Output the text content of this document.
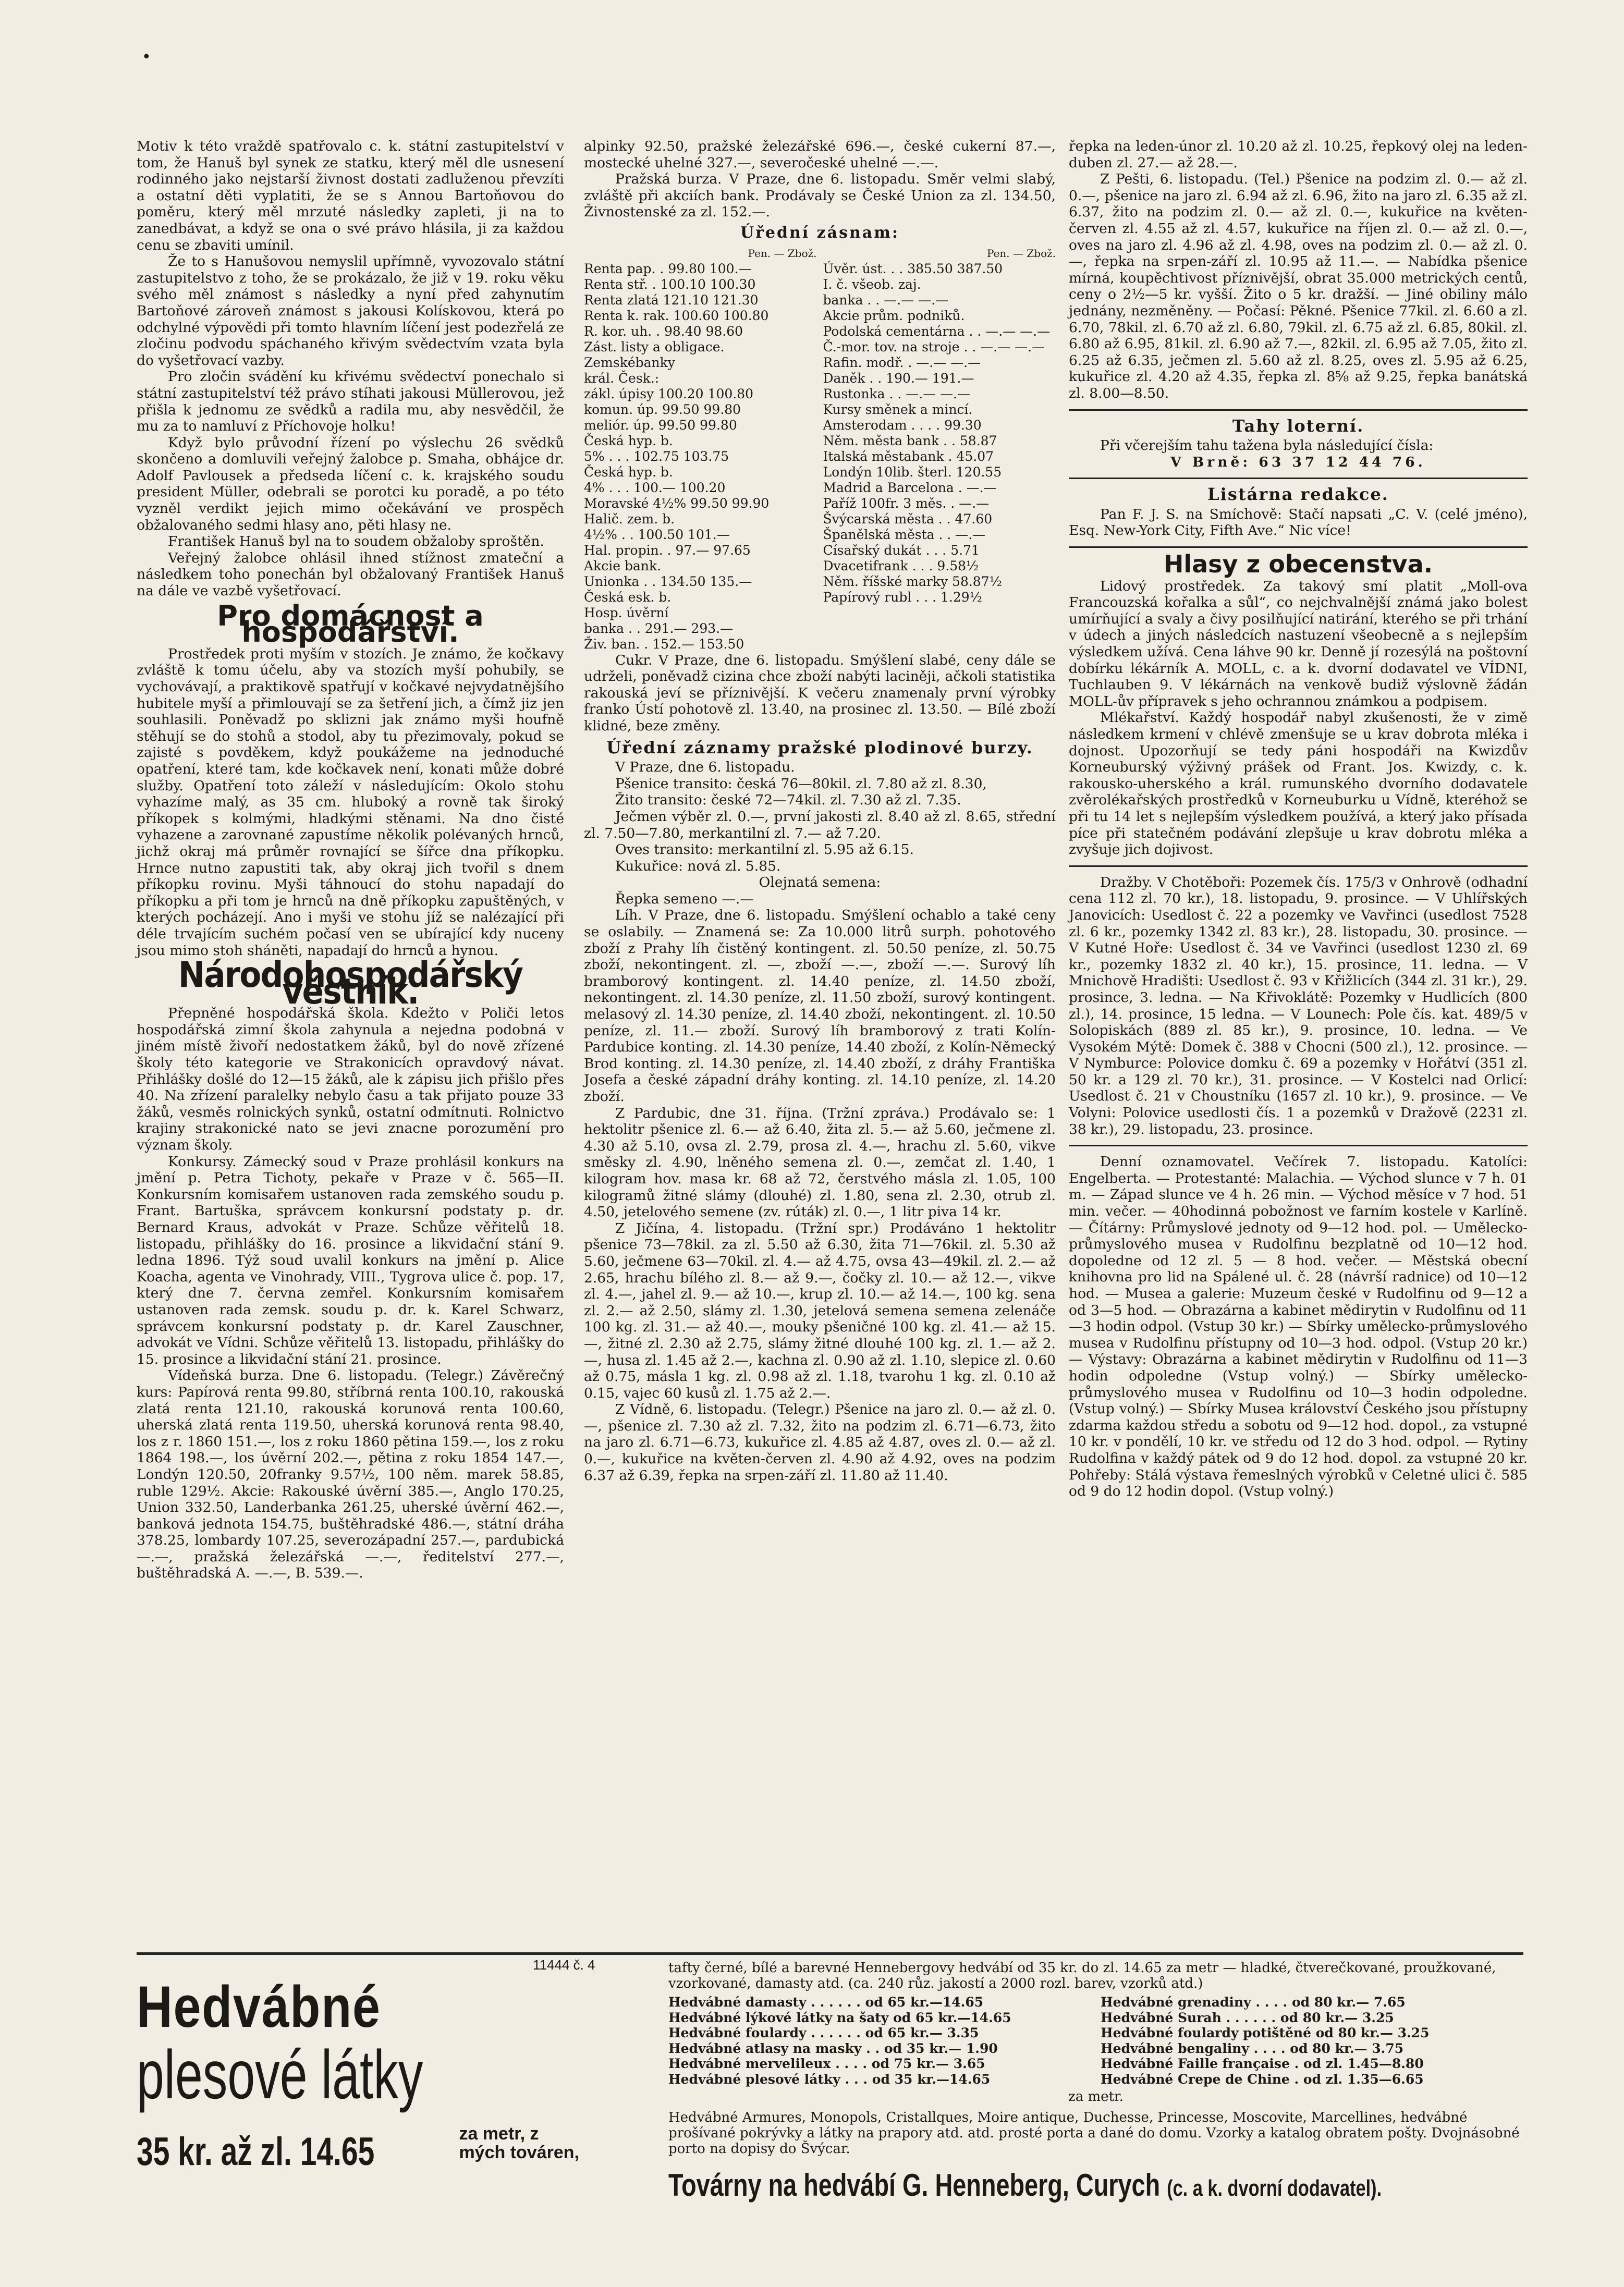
Motiv k této vraždě spatřovalo c. k. státní zastupitelství v tom, že Hanuš byl synek ze statku, který měl dle usnesení rodinného jako nejstarší živnost dostati zadluženou převzíti a ostatní děti vyplatiti, že se s Annou Bartoňovou do poměru, který měl mrzuté následky zapleti, ji na to zanedbávat, a když se ona o své právo hlásila, ji za každou cenu se zbaviti umínil.

Že to s Hanušovou nemyslil upřímně, vyvozovalo státní zastupitelstvo z toho, že se prokázalo, že již v 19. roku věku svého měl známost s následky a nyní před zahynutím Bartoňové zároveň známost s jakousi Kolískovou, která po odchylné výpovědi při tomto hlavním líčení jest podezřelá ze zločinu podvodu spáchaného křivým svědectvím vzata byla do vyšetřovací vazby.

Pro zločin svádění ku křivému svědectví ponechalo si státní zastupitelství též právo stíhati jakousi Müllerovou, jež přišla k jednomu ze svědků a radila mu, aby nesvědčil, že mu za to namluví z Příchovoje holku!

Když bylo průvodní řízení po výslechu 26 svědků skončeno a domluvili veřejný žalobce p. Smaha, obhájce dr. Adolf Pavlousek a předseda líčení c. k. krajského soudu president Müller, odebrali se porotci ku poradě, a po této vyzněl verdikt jejich mimo očekávání ve prospěch obžalovaného sedmi hlasy ano, pěti hlasy ne.

František Hanuš byl na to soudem obžaloby sproštěn.

Veřejný žalobce ohlásil ihned stížnost zmateční a následkem toho ponechán byl obžalovaný František Hanuš na dále ve vazbě vyšetřovací.

Pro domácnost a hospodářství.

Prostředek proti myším v stozích. Je známo, že kočkavy zvláště k tomu účelu, aby va stozích myší pohubily, se vychovávají, a praktikově spatřují v kočkavé nejvydatnějšího hubitele myší a přimlouvají se za šetření jich, a čímž jiz jen souhlasili. Poněvadž po sklizni jak známo myši houfně stěhují se do stohů a stodol, aby tu přezimovaly, pokud se zajisté s povděkem, když poukážeme na jednoduché opatření, které tam, kde kočkavek není, konati může dobré služby. Opatření toto záleží v následujícím: Okolo stohu vyhazíme malý, as 35 cm. hluboký a rovně tak široký příkopek s kolmými, hladkými stěnami. Na dno čisté vyhazene a zarovnané zapustíme několik polévaných hrnců, jichž okraj má průměr rovnající se šířce dna příkopku. Hrnce nutno zapustiti tak, aby okraj jich tvořil s dnem příkopku rovinu. Myši táhnoucí do stohu napadají do příkopku a při tom je hrnců na dně příkopku zapuštěných, v kterých pocházejí. Ano i myši ve stohu jíž se nalézající při déle trvajícím suchém počasí ven se ubírající kdy nuceny jsou mimo stoh sháněti, napadají do hrnců a hynou.

Národohospodářský věstník.

Přepněné hospodářská škola. Kdežto v Poliči letos hospodářská zimní škola zahynula a nejedna podobná v jiném místě živoří nedostatkem žáků, byl do nově zřízené školy této kategorie ve Strakonicích opravdový návat. Přihlášky došlé do 12—15 žáků, ale k zápisu jich přišlo přes 40. Na zřízení paralelky nebylo času a tak přijato pouze 33 žáků, vesměs rolnických synků, ostatní odmítnuti. Rolnictvo krajiny strakonické nato se jevi znacne porozumění pro význam školy.

Konkursy. Zámecký soud v Praze prohlásil konkurs na jmění p. Petra Tichoty, pekaře v Praze v č. 565—II. Konkursním komisařem ustanoven rada zemského soudu p. Frant. Bartuška, správcem konkursní podstaty p. dr. Bernard Kraus, advokát v Praze. Schůze věřitelů 18. listopadu, přihlášky do 16. prosince a likvidační stání 9. ledna 1896. Týž soud uvalil konkurs na jmění p. Alice Koacha, agenta ve Vinohrady, VIII., Tygrova ulice č. pop. 17, který dne 7. června zemřel. Konkursním komisařem ustanoven rada zemsk. soudu p. dr. k. Karel Schwarz, správcem konkursní podstaty p. dr. Karel Zauschner, advokát ve Vídni. Schůze věřitelů 13. listopadu, přihlášky do 15. prosince a likvidační stání 21. prosince.

Vídeňská burza. Dne 6. listopadu. (Telegr.) Závěrečný kurs: Papírová renta 99.80, stříbrná renta 100.10, rakouská zlatá renta 121.10, rakouská korunová renta 100.60, uherská zlatá renta 119.50, uherská korunová renta 98.40, los z r. 1860 151.—, los z roku 1860 pětina 159.—, los z roku 1864 198.—, los úvěrní 202.—, pětina z roku 1854 147.—, Londýn 120.50, 20franky 9.57½, 100 něm. marek 58.85, ruble 129½. Akcie: Rakouské úvěrní 385.—, Anglo 170.25, Union 332.50, Landerbanka 261.25, uherské úvěrní 462.—, banková jednota 154.75, buštěhradské 486.—, státní dráha 378.25, lombardy 107.25, severozápadní 257.—, pardubická —.—, pražská železářská —.—, ředitelství 277.—, buštěhradská A. —.—, B. 539.—.

alpinky 92.50, pražské železářské 696.—, české cukerní 87.—, mostecké uhelné 327.—, severočeské uhelné —.—.

Pražská burza. V Praze, dne 6. listopadu. Směr velmi slabý, zvláště při akciích bank. Prodávaly se České Union za zl. 134.50, Živnostenské za zl. 152.—.

Úřední zásnam:
Pen. — Zbož.
Renta pap. . 99.80 100.—
Renta stř. . 100.10 100.30
Renta zlatá 121.10 121.30
Renta k. rak. 100.60 100.80
R. kor. uh. . 98.40 98.60
Zást. listy a obligace.
Zemskébanky
král. Česk.:
zákl. úpisy 100.20 100.80
komun. úp. 99.50 99.80
meliór. úp. 99.50 99.80
Česká hyp. b.
5% . . . 102.75 103.75
Česká hyp. b.
4% . . . 100.— 100.20
Moravské 4½% 99.50 99.90
Halič. zem. b.
4½% . . 100.50 101.—
Hal. propin. . 97.— 97.65
Akcie bank.
Unionka . . 134.50 135.—
Česká esk. b.
Hosp. úvěrní
banka . . 291.— 293.—
Živ. ban. . 152.— 153.50
Pen. — Zbož.
Úvěr. úst. . . 385.50 387.50
I. č. všeob. zaj.
banka . . —.— —.—
Akcie prům. podniků.
Podolská cementárna . . —.— —.—
Č.-mor. tov. na stroje . . —.— —.—
Rafin. modř. . —.— —.—
Daněk . . 190.— 191.—
Rustonka . . —.— —.—
Kursy směnek a mincí.
Amsterodam . . . . 99.30
Něm. města bank . . 58.87
Italská městabank . 45.07
Londýn 10lib. šterl. 120.55
Madrid a Barcelona . —.—
Paříž 100fr. 3 měs. . —.—
Švýcarská města . . 47.60
Španělská města . . —.—
Císařský dukát . . . 5.71
Dvacetifrank . . . 9.58½
Něm. říšské marky 58.87½
Papírový rubl . . . 1.29½

Cukr. V Praze, dne 6. listopadu. Smýšlení slabé, ceny dále se udrželi, poněvadž cizina chce zboží nabýti laciněji, ačkoli statistika rakouská jeví se příznivější. K večeru znamenaly první výrobky franko Ústí pohotově zl. 13.40, na prosinec zl. 13.50. — Bílé zboží klidné, beze změny.

Úřední záznamy pražské plodinové burzy.

V Praze, dne 6. listopadu.

Pšenice transito: česká 76—80kil. zl. 7.80 až zl. 8.30,

Žito transito: české 72—74kil. zl. 7.30 až zl. 7.35.

Ječmen výběr zl. 0.—, první jakosti zl. 8.40 až zl. 8.65, střední zl. 7.50—7.80, merkantilní zl. 7.— až 7.20.

Oves transito: merkantilní zl. 5.95 až 6.15.

Kukuřice: nová zl. 5.85.

Olejnatá semena:

Řepka semeno —.—

Líh. V Praze, dne 6. listopadu. Smýšlení ochablo a také ceny se oslabily. — Znamená se: Za 10.000 litrů surph. pohotového zboží z Prahy líh čistěný kontingent. zl. 50.50 peníze, zl. 50.75 zboží, nekontingent. zl. —, zboží —.—, zboží —.—. Surový líh bramborový kontingent. zl. 14.40 peníze, zl. 14.50 zboží, nekontingent. zl. 14.30 peníze, zl. 11.50 zboží, surový kontingent. melasový zl. 14.30 peníze, zl. 14.40 zboží, nekontingent. zl. 10.50 peníze, zl. 11.— zboží. Surový líh bramborový z trati Kolín-Pardubice konting. zl. 14.30 peníze, 14.40 zboží, z Kolín-Německý Brod konting. zl. 14.30 peníze, zl. 14.40 zboží, z dráhy Františka Josefa a české západní dráhy konting. zl. 14.10 peníze, zl. 14.20 zboží.

Z Pardubic, dne 31. října. (Tržní zpráva.) Prodávalo se: 1 hektolitr pšenice zl. 6.— až 6.40, žita zl. 5.— až 5.60, ječmene zl. 4.30 až 5.10, ovsa zl. 2.79, prosa zl. 4.—, hrachu zl. 5.60, vikve směsky zl. 4.90, lněného semena zl. 0.—, zemčat zl. 1.40, 1 kilogram hov. masa kr. 68 až 72, čerstvého másla zl. 1.05, 100 kilogramů žitné slámy (dlouhé) zl. 1.80, sena zl. 2.30, otrub zl. 4.50, jetelového semene (zv. rúták) zl. 0.—, 1 litr piva 14 kr.

Z Jičína, 4. listopadu. (Tržní spr.) Prodáváno 1 hektolitr pšenice 73—78kil. za zl. 5.50 až 6.30, žita 71—76kil. zl. 5.30 až 5.60, ječmene 63—70kil. zl. 4.— až 4.75, ovsa 43—49kil. zl. 2.— až 2.65, hrachu bílého zl. 8.— až 9.—, čočky zl. 10.— až 12.—, vikve zl. 4.—, jahel zl. 9.— až 10.—, krup zl. 10.— až 14.—, 100 kg. sena zl. 2.— až 2.50, slámy zl. 1.30, jetelová semena semena zelenáče 100 kg. zl. 31.— až 40.—, mouky pšeničné 100 kg. zl. 41.— až 15.—, žitné zl. 2.30 až 2.75, slámy žitné dlouhé 100 kg. zl. 1.— až 2.—, husa zl. 1.45 až 2.—, kachna zl. 0.90 až zl. 1.10, slepice zl. 0.60 až 0.75, másla 1 kg. zl. 0.98 až zl. 1.18, tvarohu 1 kg. zl. 0.10 až 0.15, vajec 60 kusů zl. 1.75 až 2.—.

Z Vídně, 6. listopadu. (Telegr.) Pšenice na jaro zl. 0.— až zl. 0.—, pšenice zl. 7.30 až zl. 7.32, žito na podzim zl. 6.71—6.73, žito na jaro zl. 6.71—6.73, kukuřice zl. 4.85 až 4.87, oves zl. 0.— až zl. 0.—, kukuřice na květen-červen zl. 4.90 až 4.92, oves na podzim 6.37 až 6.39, řepka na srpen-září zl. 11.80 až 11.40.

řepka na leden-únor zl. 10.20 až zl. 10.25, řepkový olej na leden-duben zl. 27.— až 28.—.

Z Pešti, 6. listopadu. (Tel.) Pšenice na podzim zl. 0.— až zl. 0.—, pšenice na jaro zl. 6.94 až zl. 6.96, žito na jaro zl. 6.35 až zl. 6.37, žito na podzim zl. 0.— až zl. 0.—, kukuřice na květen-červen zl. 4.55 až zl. 4.57, kukuřice na říjen zl. 0.— až zl. 0.—, oves na jaro zl. 4.96 až zl. 4.98, oves na podzim zl. 0.— až zl. 0.—, řepka na srpen-září zl. 10.95 až 11.—. — Nabídka pšenice mírná, koupěchtivost příznivější, obrat 35.000 metrických centů, ceny o 2½—5 kr. vyšší. Žito o 5 kr. dražší. — Jiné obiliny málo jednány, nezměněny. — Počasí: Pěkné. Pšenice 77kil. zl. 6.60 a zl. 6.70, 78kil. zl. 6.70 až zl. 6.80, 79kil. zl. 6.75 až zl. 6.85, 80kil. zl. 6.80 až 6.95, 81kil. zl. 6.90 až 7.—, 82kil. zl. 6.95 až 7.05, žito zl. 6.25 až 6.35, ječmen zl. 5.60 až zl. 8.25, oves zl. 5.95 až 6.25, kukuřice zl. 4.20 až 4.35, řepka zl. 8⅝ až 9.25, řepka banátská zl. 8.00—8.50.

Tahy loterní.

Při včerejším tahu tažena byla následující čísla:

V Brně: 63 37 12 44 76.

Listárna redakce.

Pan F. J. S. na Smíchově: Stačí napsati „C. V. (celé jméno), Esq. New-York City, Fifth Ave.“ Nic více!

Hlasy z obecenstva.

Lidový prostředek. Za takový smí platit „Moll-ova Francouzská kořalka a sůl“, co nejchvalnější známá jako bolest umírňující a svaly a čivy posilňující natirání, kterého se při trhání v údech a jiných následcích nastuzení všeobecně a s nejlepším výsledkem užívá. Cena láhve 90 kr. Denně jí rozesýlá na poštovní dobírku lékárník A. MOLL, c. a k. dvorní dodavatel ve VÍDNI, Tuchlauben 9. V lékárnách na venkově budiž výslovně žádán MOLL-ův přípravek s jeho ochrannou známkou a podpisem.

Mlékařství. Každý hospodář nabyl zkušenosti, že v zimě následkem krmení v chlévě zmenšuje se u krav dobrota mléka i dojnost. Upozorňují se tedy páni hospodáři na Kwizdův Korneuburský výživný prášek od Frant. Jos. Kwizdy, c. k. rakousko-uherského a král. rumunského dvorního dodavatele zvěrolékařských prostředků v Korneuburku u Vídně, kteréhož se při tu 14 let s nejlepším výsledkem používá, a který jako přísada píce při statečném podávání zlepšuje u krav dobrotu mléka a zvyšuje jich dojivost.

Dražby. V Chotěboři: Pozemek čís. 175/3 v Onhrově (odhadní cena 112 zl. 70 kr.), 18. listopadu, 9. prosince. — V Uhlířských Janovicích: Usedlost č. 22 a pozemky ve Vavřinci (usedlost 7528 zl. 6 kr., pozemky 1342 zl. 83 kr.), 28. listopadu, 30. prosince. — V Kutné Hoře: Usedlost č. 34 ve Vavřinci (usedlost 1230 zl. 69 kr., pozemky 1832 zl. 40 kr.), 15. prosince, 11. ledna. — V Mnichově Hradišti: Usedlost č. 93 v Křižlicích (344 zl. 31 kr.), 29. prosince, 3. ledna. — Na Křivoklátě: Pozemky v Hudlicích (800 zl.), 14. prosince, 15 ledna. — V Lounech: Pole čís. kat. 489/5 v Solopiskách (889 zl. 85 kr.), 9. prosince, 10. ledna. — Ve Vysokém Mýtě: Domek č. 388 v Chocni (500 zl.), 12. prosince. — V Nymburce: Polovice domku č. 69 a pozemky v Hořátví (351 zl. 50 kr. a 129 zl. 70 kr.), 31. prosince. — V Kostelci nad Orlicí: Usedlost č. 21 v Choustníku (1657 zl. 10 kr.), 9. prosince. — Ve Volyni: Polovice usedlosti čís. 1 a pozemků v Dražově (2231 zl. 38 kr.), 29. listopadu, 23. prosince.

Denní oznamovatel. Večírek 7. listopadu. Katolíci: Engelberta. — Protestanté: Malachia. — Východ slunce v 7 h. 01 m. — Západ slunce ve 4 h. 26 min. — Východ měsíce v 7 hod. 51 min. večer. — 40hodinná pobožnost ve farním kostele v Karlíně. — Čítárny: Průmyslové jednoty od 9—12 hod. pol. — Umělecko-průmyslového musea v Rudolfinu bezplatně od 10—12 hod. dopoledne od 12 zl. 5 — 8 hod. večer. — Městská obecní knihovna pro lid na Spálené ul. č. 28 (návrší radnice) od 10—12 hod. — Musea a galerie: Muzeum české v Rudolfinu od 9—12 a od 3—5 hod. — Obrazárna a kabinet mědirytin v Rudolfinu od 11—3 hodin odpol. (Vstup 30 kr.) — Sbírky umělecko-průmyslového musea v Rudolfinu přístupny od 10—3 hod. odpol. (Vstup 20 kr.) — Výstavy: Obrazárna a kabinet mědirytin v Rudolfinu od 11—3 hodin odpoledne (Vstup volný.) — Sbírky umělecko-průmyslového musea v Rudolfinu od 10—3 hodin odpoledne. (Vstup volný.) — Sbírky Musea království Českého jsou přístupny zdarma každou středu a sobotu od 9—12 hod. dopol., za vstupné 10 kr. v pondělí, 10 kr. ve středu od 12 do 3 hod. odpol. — Rytiny Rudolfina v každý pátek od 9 do 12 hod. dopol. za vstupné 20 kr. Pohřeby: Stálá výstava řemeslných výrobků v Celetné ulici č. 585 od 9 do 12 hodin dopol. (Vstup volný.)

Hedvábné
plesové látky
35 kr. až zl. 14.65	za metr, z mých továren,
11444 č. 4	tafty černé, bílé a barevné Hennebergovy hedvábí od 35 kr. do zl. 14.65 za metr — hladké, čtverečkované, proužkované, vzorkované, damasty atd. (ca. 240 růz. jakostí a 2000 rozl. barev, vzorků atd.)

Hedvábné damasty . . . . . . od 65 kr.—14.65
Hedvábné lýkové látky na šaty od 65 kr.—14.65
Hedvábné foulardy . . . . . . od 65 kr.— 3.35
Hedvábné atlasy na masky . . od 35 kr.— 1.90
Hedvábné mervelileux . . . . od 75 kr.— 3.65
Hedvábné plesové látky . . . od 35 kr.—14.65
Hedvábné grenadiny . . . . od 80 kr.— 7.65
Hedvábné Surah . . . . . . od 80 kr.— 3.25
Hedvábné foulardy potištěné od 80 kr.— 3.25
Hedvábné bengaliny . . . . od 80 kr.— 3.75
Hedvábné Faille française . od zl. 1.45—8.80
Hedvábné Crepe de Chine . od zl. 1.35—6.65

za metr.

Hedvábné Armures, Monopols, Cristallques, Moire antique, Duchesse, Princesse, Moscovite, Marcellines, hedvábné prošívané pokrývky a látky na prapory atd. atd. prosté porta a dané do domu. Vzorky a katalog obratem pošty. Dvojnásobné porto na dopisy do Švýcar.

Továrny na hedvábí G. Henneberg, Curych (c. a k. dvorní dodavatel).
•
